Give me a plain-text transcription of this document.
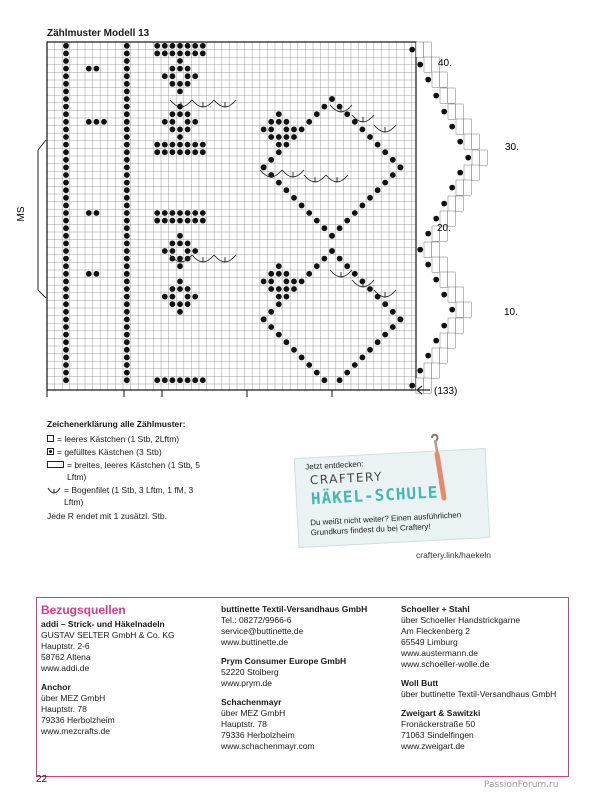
Zählmuster Modell 13
MS
40.
30.
20.
10.
(133)
Zeichenerklärung alle Zählmuster:
= leeres Kästchen (1 Stb, 2Lftm)
= gefülltes Kästchen (3 Stb)
= breites, leeres Kästchen (1 Stb, 5 Lftm)
= Bogenfilet (1 Stb, 3 Lftm, 1 fM, 3 Lftm)
Jede R endet mit 1 zusätzl. Stb.
Jetzt entdecken:
CRAFTERY
HÄKEL-SCHULE
Du weißt nicht weiter? Einen ausführlichen Grundkurs findest du bei Craftery!
craftery.link/haekeln
Bezugsquellen
addi – Strick- und Häkelnadeln
GUSTAV SELTER GmbH & Co. KG
Hauptstr. 2-6
58762 Altena
www.addi.de
Anchor
über MEZ GmbH
Hauptstr. 78
79336 Herbolzheim
www.mezcrafts.de
buttinette Textil-Versandhaus GmbH
Tel.: 08272/9966-6
service@buttinette.de
www.buttinette.de
Prym Consumer Europe GmbH
52220 Stolberg
www.prym.de
Schachenmayr
über MEZ GmbH
Hauptstr. 78
79336 Herbolzheim
www.schachenmayr.com
Schoeller + Stahl
über Schoeller Handstrickgarne
Am Fleckenberg 2
65549 Limburg
www.austermann.de
www.schoeller-wolle.de
Woll Butt
über buttinette Textil-Versandhaus GmbH
Zweigart & Sawitzki
Fronäckerstraße 50
71063 Sindelfingen
www.zweigart.de
22	PassionForum.ru
